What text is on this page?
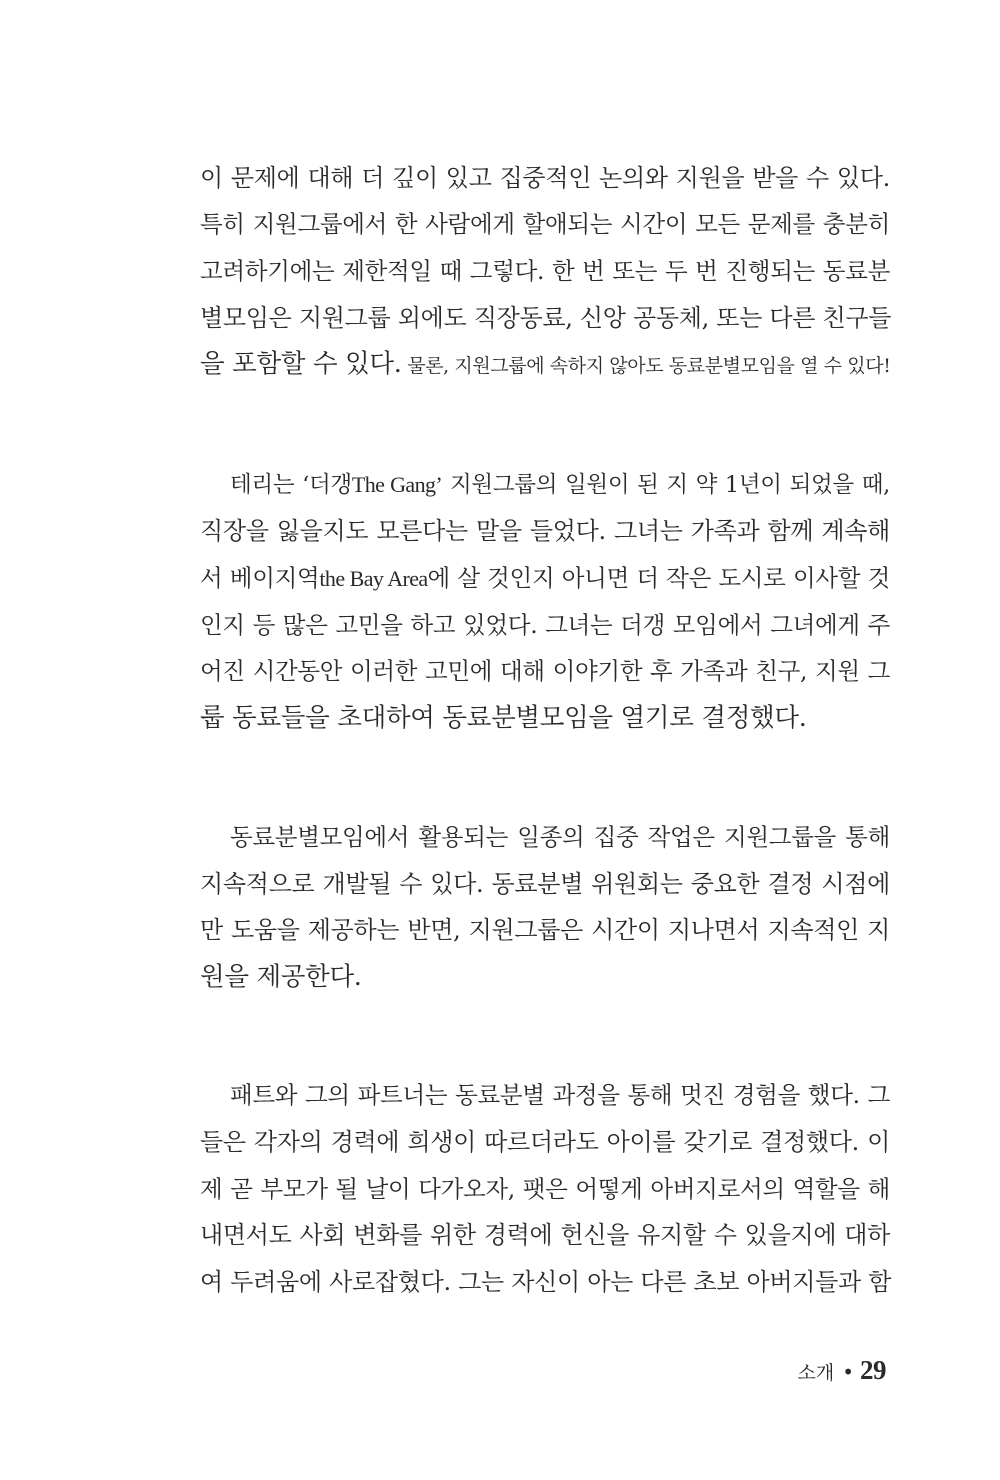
이 문제에 대해 더 깊이 있고 집중적인 논의와 지원을 받을 수 있다.
특히 지원그룹에서 한 사람에게 할애되는 시간이 모든 문제를 충분히
고려하기에는 제한적일 때 그렇다. 한 번 또는 두 번 진행되는 동료분
별모임은 지원그룹 외에도 직장동료, 신앙 공동체, 또는 다른 친구들
을 포함할 수 있다. 물론, 지원그룹에 속하지 않아도 동료분별모임을 열 수 있다!
테리는 ‘더갱The Gang’ 지원그룹의 일원이 된 지 약 1년이 되었을 때,
직장을 잃을지도 모른다는 말을 들었다. 그녀는 가족과 함께 계속해
서 베이지역the Bay Area에 살 것인지 아니면 더 작은 도시로 이사할 것
인지 등 많은 고민을 하고 있었다. 그녀는 더갱 모임에서 그녀에게 주
어진 시간동안 이러한 고민에 대해 이야기한 후 가족과 친구, 지원 그
룹 동료들을 초대하여 동료분별모임을 열기로 결정했다.
동료분별모임에서 활용되는 일종의 집중 작업은 지원그룹을 통해
지속적으로 개발될 수 있다. 동료분별 위원회는 중요한 결정 시점에
만 도움을 제공하는 반면, 지원그룹은 시간이 지나면서 지속적인 지
원을 제공한다.
패트와 그의 파트너는 동료분별 과정을 통해 멋진 경험을 했다. 그
들은 각자의 경력에 희생이 따르더라도 아이를 갖기로 결정했다. 이
제 곧 부모가 될 날이 다가오자, 팻은 어떻게 아버지로서의 역할을 해
내면서도 사회 변화를 위한 경력에 헌신을 유지할 수 있을지에 대하
여 두려움에 사로잡혔다. 그는 자신이 아는 다른 초보 아버지들과 함
소개 • 29
